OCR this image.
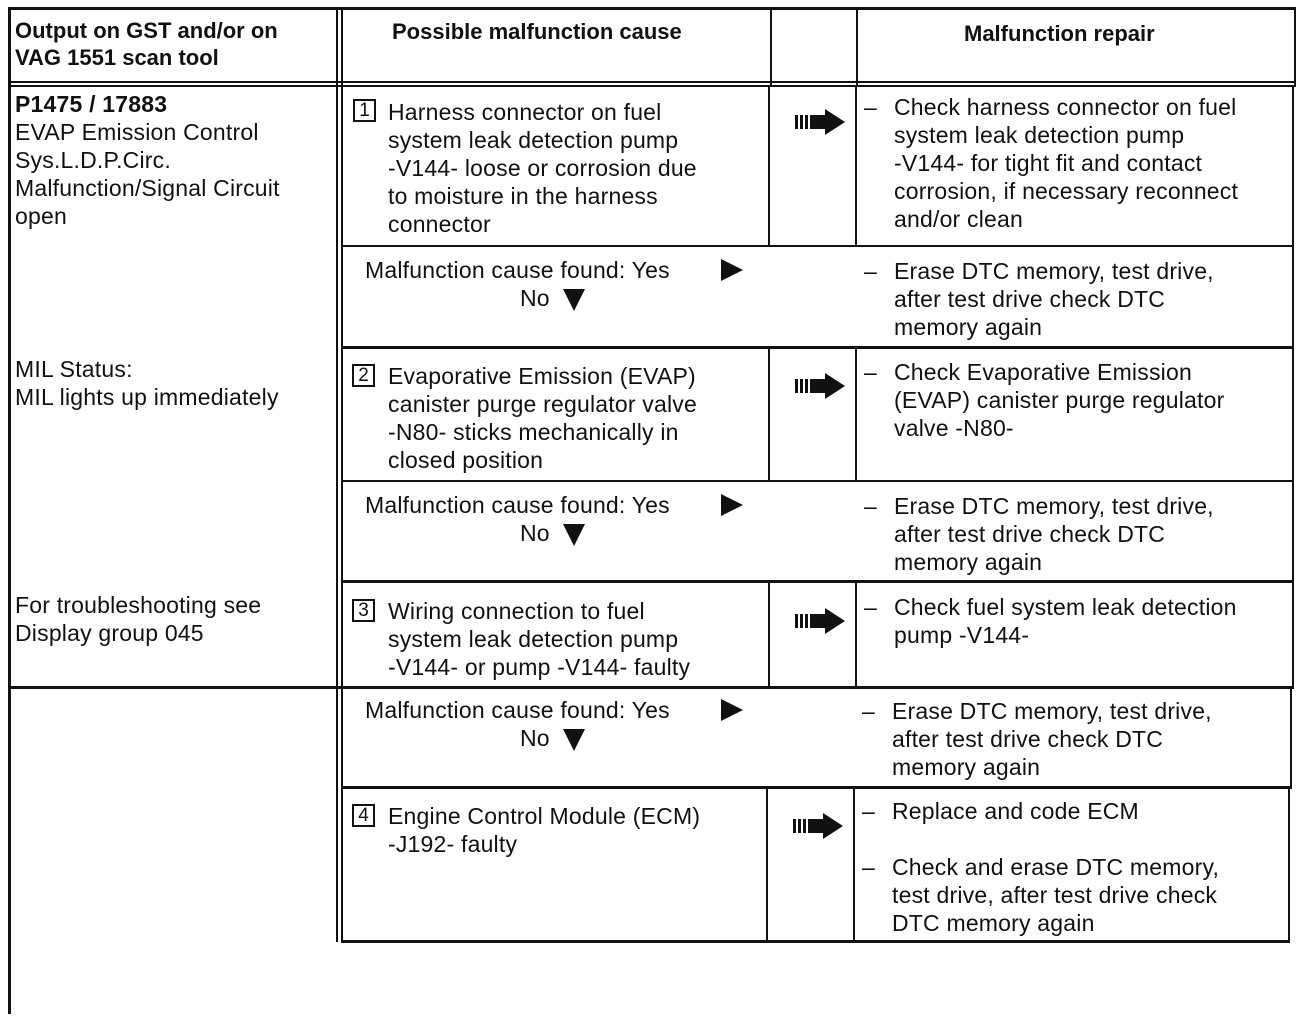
Output on GST and/or on
VAG 1551 scan tool
Possible malfunction cause	Malfunction repair
P1475 / 17883
EVAP Emission Control
Sys.L.D.P.Circ.
Malfunction/Signal Circuit
open
MIL Status:
MIL lights up immediately
For troubleshooting see
Display group 045
1 Harness connector on fuel
system leak detection pump
-V144- loose or corrosion due
to moisture in the harness
connector
– Check harness connector on fuel
system leak detection pump
-V144- for tight fit and contact
corrosion, if necessary reconnect
and/or clean
Malfunction cause found: Yes
No
– Erase DTC memory, test drive,
after test drive check DTC
memory again
2 Evaporative Emission (EVAP)
canister purge regulator valve
-N80- sticks mechanically in
closed position
– Check Evaporative Emission
(EVAP) canister purge regulator
valve -N80-
Malfunction cause found: Yes
No
– Erase DTC memory, test drive,
after test drive check DTC
memory again
3 Wiring connection to fuel
system leak detection pump
-V144- or pump -V144- faulty
– Check fuel system leak detection
pump -V144-
Malfunction cause found: Yes
No
– Erase DTC memory, test drive,
after test drive check DTC
memory again
4 Engine Control Module (ECM)
-J192- faulty
– Replace and code ECM
– Check and erase DTC memory,
test drive, after test drive check
DTC memory again
